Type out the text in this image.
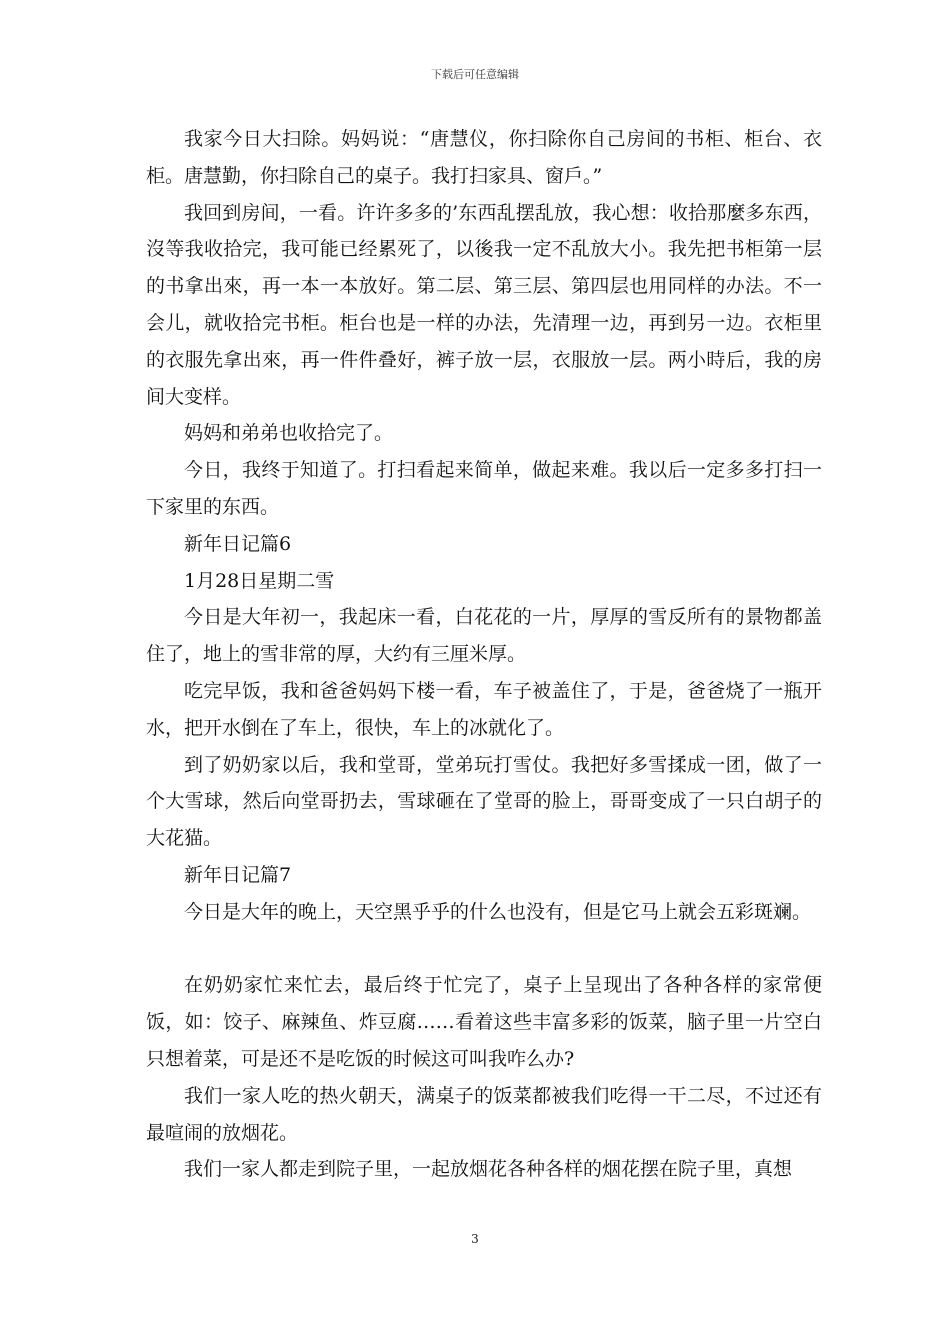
下载后可任意编辑

我家今日大扫除。妈妈说：“唐慧仪，你扫除你自己房间的书柜、柜台、衣柜。唐慧勤，你扫除自己的桌子。我打扫家具、窗戶。”

我回到房间，一看。许许多多的’东西乱摆乱放，我心想：收拾那麼多东西，沒等我收拾完，我可能已经累死了，以後我一定不乱放大小。我先把书柜第一层的书拿出來，再一本一本放好。第二层、第三层、第四层也用同样的办法。不一会儿，就收拾完书柜。柜台也是一样的办法，先清理一边，再到另一边。衣柜里的衣服先拿出來，再一件件叠好，裤子放一层，衣服放一层。两小時后，我的房间大变样。

妈妈和弟弟也收拾完了。

今日，我终于知道了。打扫看起来简单，做起来难。我以后一定多多打扫一下家里的东西。

新年日记篇6

1月28日星期二雪

今日是大年初一，我起床一看，白花花的一片，厚厚的雪反所有的景物都盖住了，地上的雪非常的厚，大约有三厘米厚。

吃完早饭，我和爸爸妈妈下楼一看，车子被盖住了，于是，爸爸烧了一瓶开水，把开水倒在了车上，很快，车上的冰就化了。

到了奶奶家以后，我和堂哥，堂弟玩打雪仗。我把好多雪揉成一团，做了一个大雪球，然后向堂哥扔去，雪球砸在了堂哥的脸上，哥哥变成了一只白胡子的大花猫。

新年日记篇7

今日是大年的晚上，天空黑乎乎的什么也没有，但是它马上就会五彩斑斓。

在奶奶家忙来忙去，最后终于忙完了，桌子上呈现出了各种各样的家常便饭，如：饺子、麻辣鱼、炸豆腐……看着这些丰富多彩的饭菜，脑子里一片空白只想着菜，可是还不是吃饭的时候这可叫我咋么办?

我们一家人吃的热火朝天，满桌子的饭菜都被我们吃得一干二尽，不过还有最喧闹的放烟花。

我们一家人都走到院子里，一起放烟花各种各样的烟花摆在院子里，真想

3
